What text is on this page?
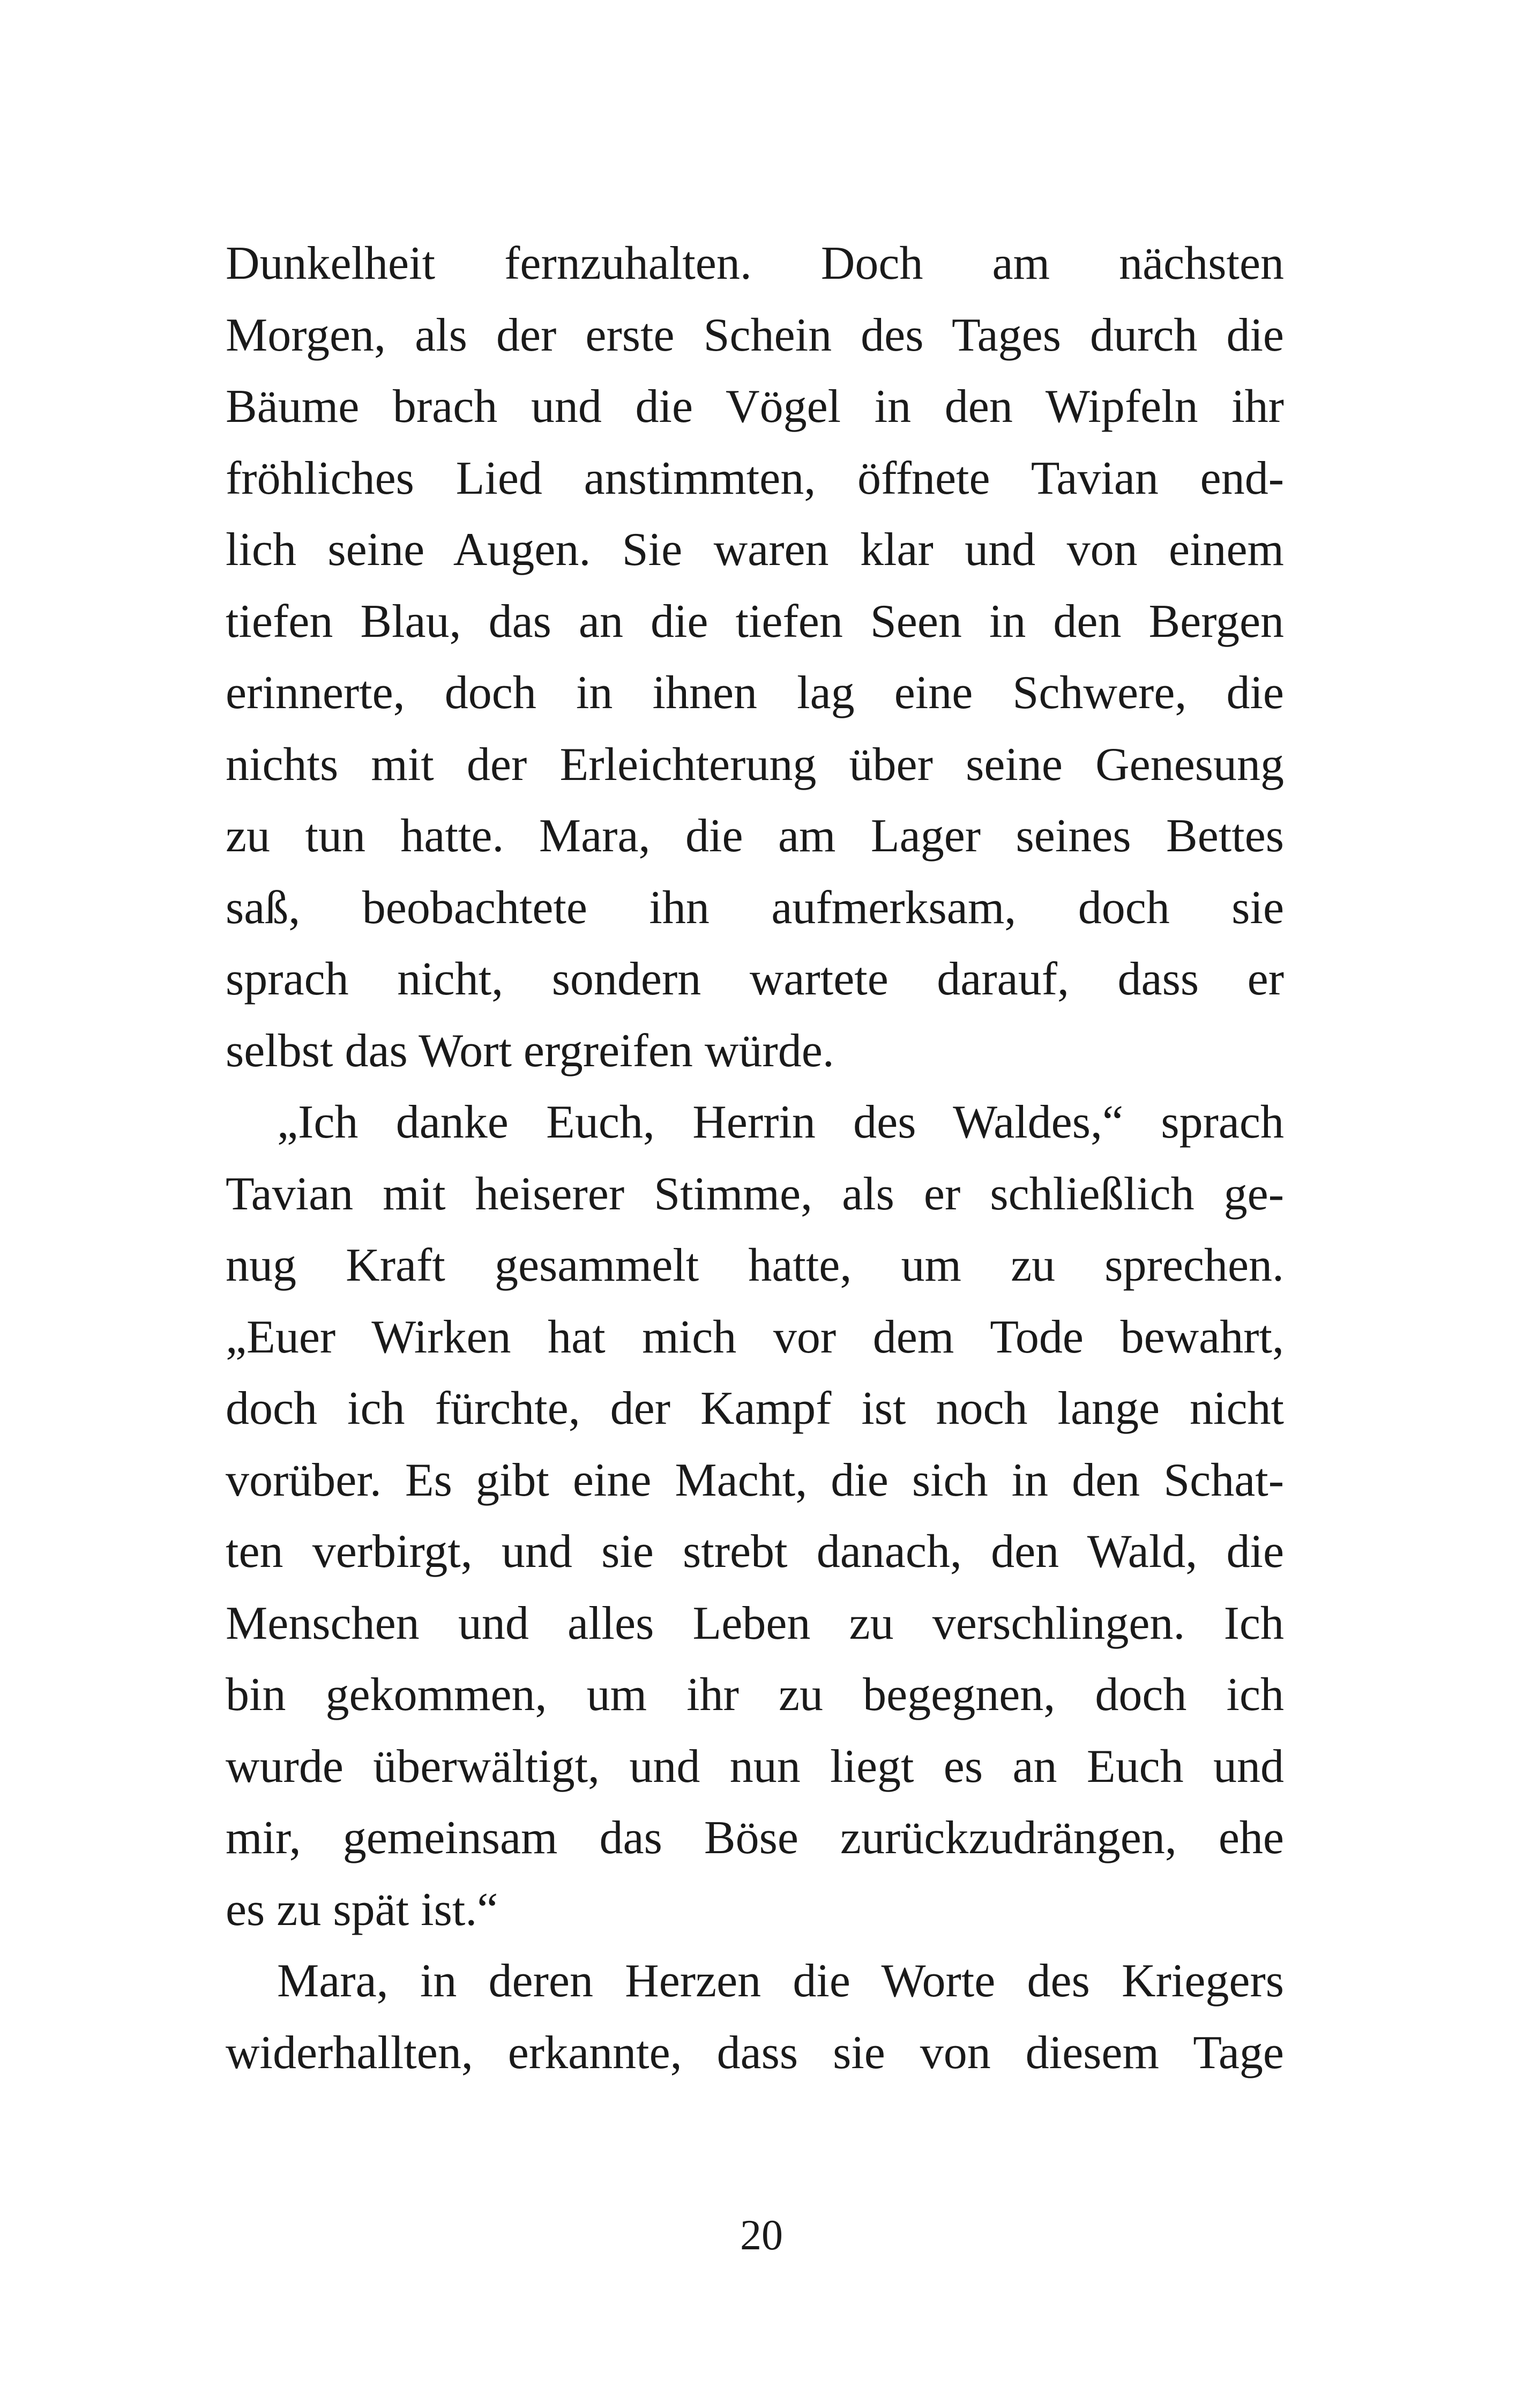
Dunkelheit fernzuhalten. Doch am nächsten
Morgen, als der erste Schein des Tages durch die
Bäume brach und die Vögel in den Wipfeln ihr
fröhliches Lied anstimmten, öffnete Tavian end-
lich seine Augen. Sie waren klar und von einem
tiefen Blau, das an die tiefen Seen in den Bergen
erinnerte, doch in ihnen lag eine Schwere, die
nichts mit der Erleichterung über seine Genesung
zu tun hatte. Mara, die am Lager seines Bettes
saß, beobachtete ihn aufmerksam, doch sie
sprach nicht, sondern wartete darauf, dass er
selbst das Wort ergreifen würde.
„Ich danke Euch, Herrin des Waldes,“ sprach
Tavian mit heiserer Stimme, als er schließlich ge-
nug Kraft gesammelt hatte, um zu sprechen.
„Euer Wirken hat mich vor dem Tode bewahrt,
doch ich fürchte, der Kampf ist noch lange nicht
vorüber. Es gibt eine Macht, die sich in den Schat-
ten verbirgt, und sie strebt danach, den Wald, die
Menschen und alles Leben zu verschlingen. Ich
bin gekommen, um ihr zu begegnen, doch ich
wurde überwältigt, und nun liegt es an Euch und
mir, gemeinsam das Böse zurückzudrängen, ehe
es zu spät ist.“
Mara, in deren Herzen die Worte des Kriegers
widerhallten, erkannte, dass sie von diesem Tage
20
